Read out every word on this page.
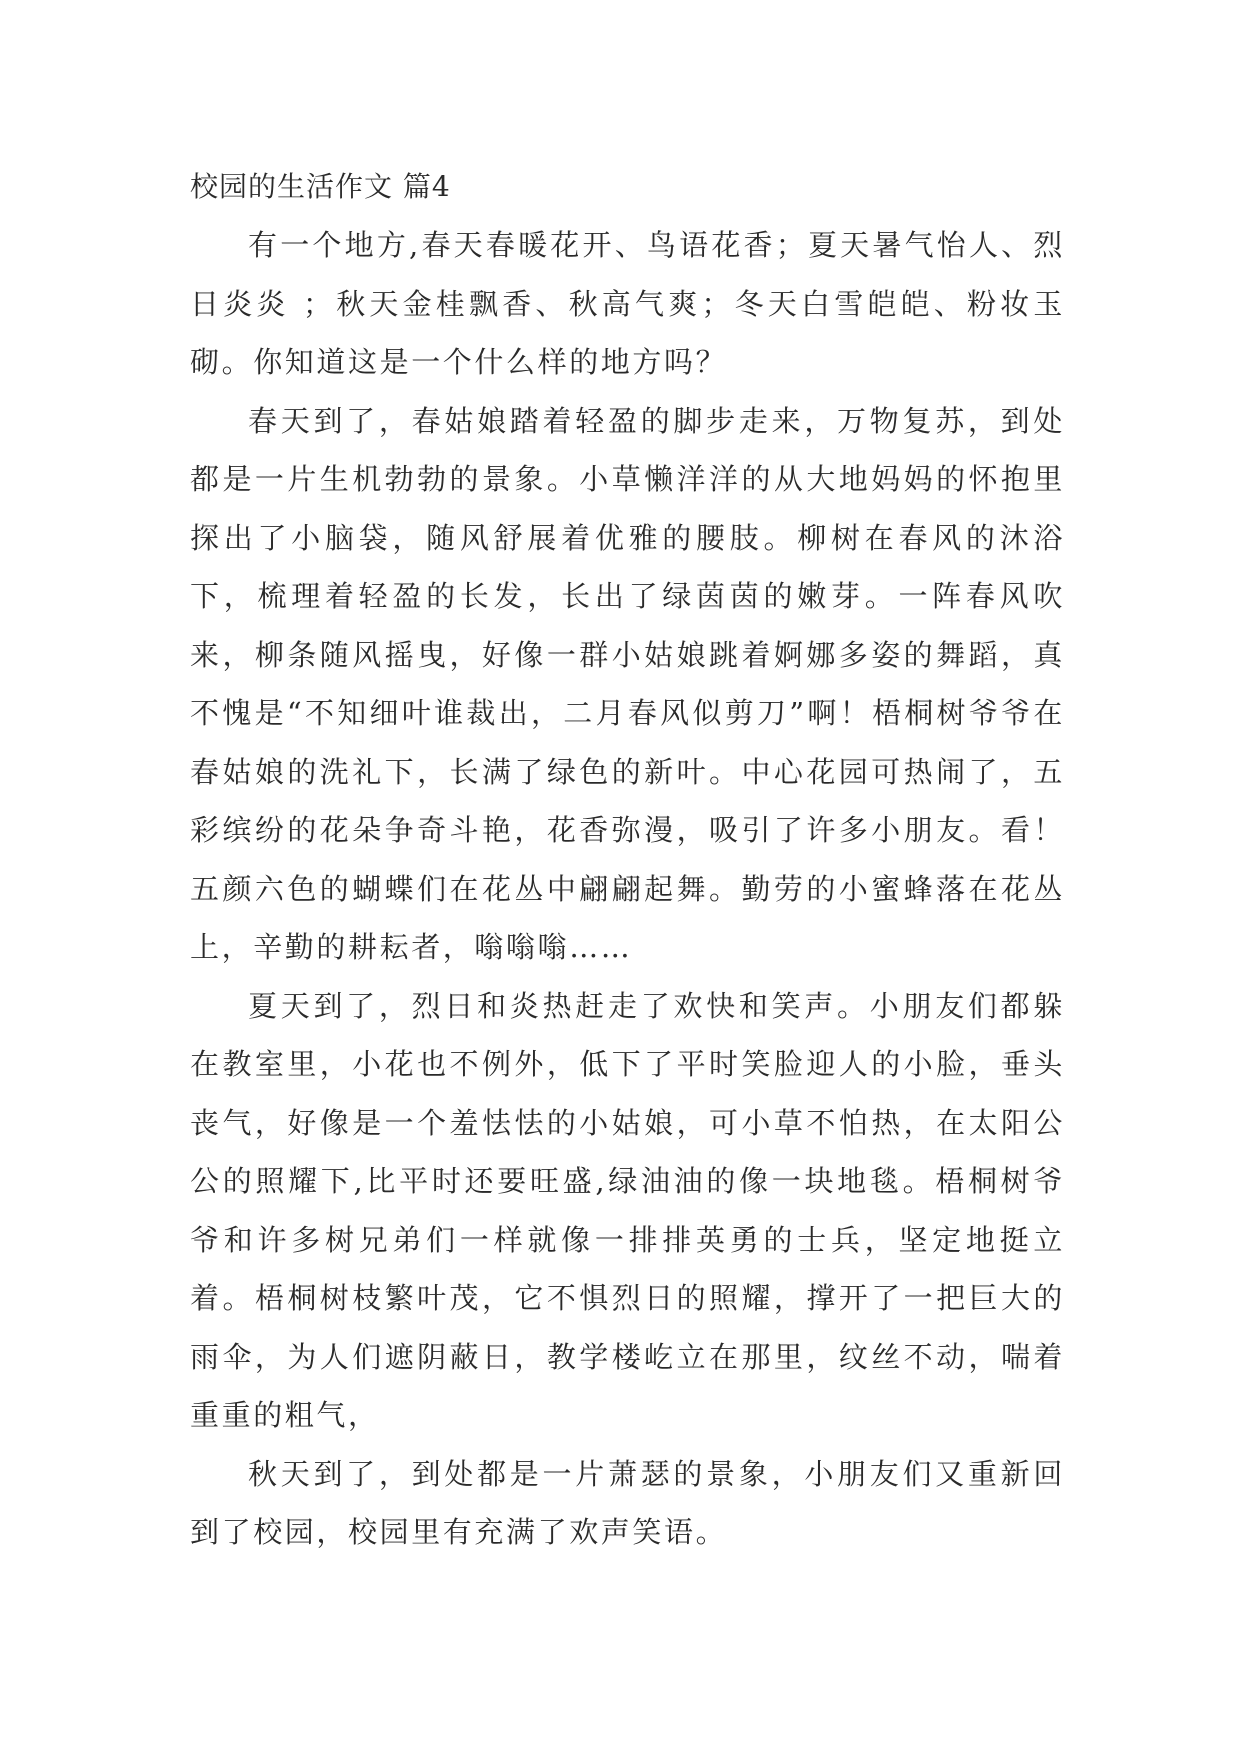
校园的生活作文 篇4

有一个地方,春天春暖花开、鸟语花香；夏天暑气怡人、烈日炎炎 ；秋天金桂飘香、秋高气爽；冬天白雪皑皑、粉妆玉砌。你知道这是一个什么样的地方吗？

春天到了，春姑娘踏着轻盈的脚步走来，万物复苏，到处都是一片生机勃勃的景象。小草懒洋洋的从大地妈妈的怀抱里探出了小脑袋，随风舒展着优雅的腰肢。柳树在春风的沐浴下，梳理着轻盈的长发，长出了绿茵茵的嫩芽。一阵春风吹来，柳条随风摇曳，好像一群小姑娘跳着婀娜多姿的舞蹈，真不愧是“不知细叶谁裁出，二月春风似剪刀”啊！梧桐树爷爷在春姑娘的洗礼下，长满了绿色的新叶。中心花园可热闹了，五彩缤纷的花朵争奇斗艳，花香弥漫，吸引了许多小朋友。看！五颜六色的蝴蝶们在花丛中翩翩起舞。勤劳的小蜜蜂落在花丛上，辛勤的耕耘者，嗡嗡嗡……

夏天到了，烈日和炎热赶走了欢快和笑声。小朋友们都躲在教室里，小花也不例外，低下了平时笑脸迎人的小脸，垂头丧气，好像是一个羞怯怯的小姑娘，可小草不怕热，在太阳公公的照耀下,比平时还要旺盛,绿油油的像一块地毯。梧桐树爷爷和许多树兄弟们一样就像一排排英勇的士兵，坚定地挺立着。梧桐树枝繁叶茂，它不惧烈日的照耀，撑开了一把巨大的雨伞，为人们遮阴蔽日，教学楼屹立在那里，纹丝不动，喘着重重的粗气，

秋天到了，到处都是一片萧瑟的景象，小朋友们又重新回到了校园，校园里有充满了欢声笑语。
